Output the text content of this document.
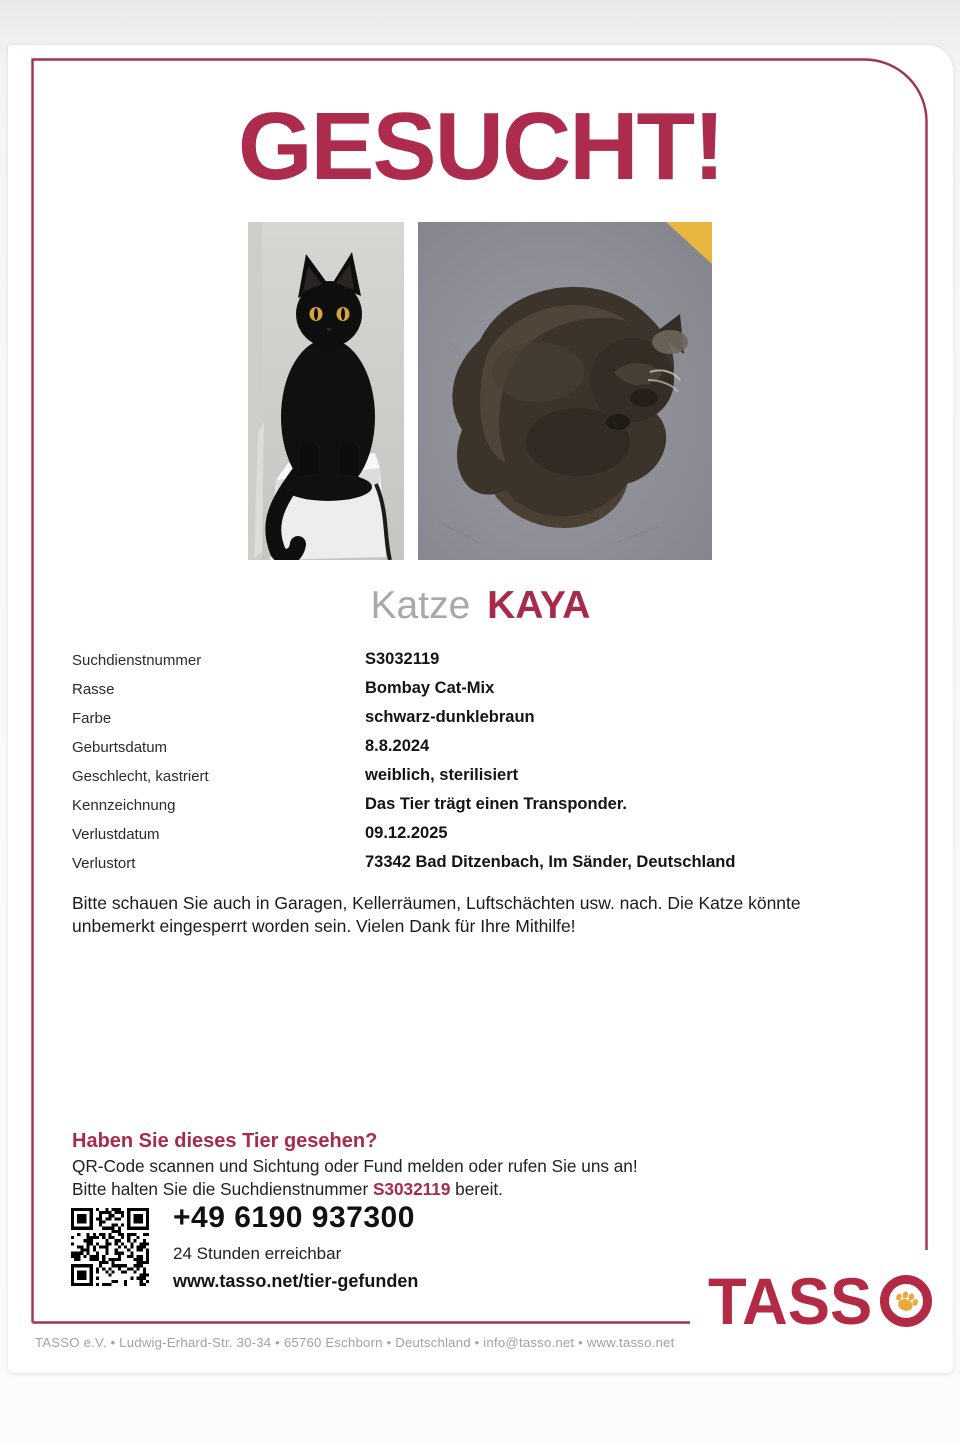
GESUCHT!
Katze KAYA
Suchdienstnummer	S3032119
Rasse	Bombay Cat-Mix
Farbe	schwarz-dunklebraun
Geburtsdatum	8.8.2024
Geschlecht, kastriert	weiblich, sterilisiert
Kennzeichnung	Das Tier trägt einen Transponder.
Verlustdatum	09.12.2025
Verlustort	73342 Bad Ditzenbach, Im Sänder, Deutschland

Bitte schauen Sie auch in Garagen, Kellerräumen, Luftschächten usw. nach. Die Katze könnte unbemerkt eingesperrt worden sein. Vielen Dank für Ihre Mithilfe!

Haben Sie dieses Tier gesehen?
QR-Code scannen und Sichtung oder Fund melden oder rufen Sie uns an!
Bitte halten Sie die Suchdienstnummer S3032119 bereit.
+49 6190 937300
24 Stunden erreichbar
www.tasso.net/tier-gefunden	TASS
TASSO e.V. • Ludwig-Erhard-Str. 30-34 • 65760 Eschborn • Deutschland • info@tasso.net • www.tasso.net
